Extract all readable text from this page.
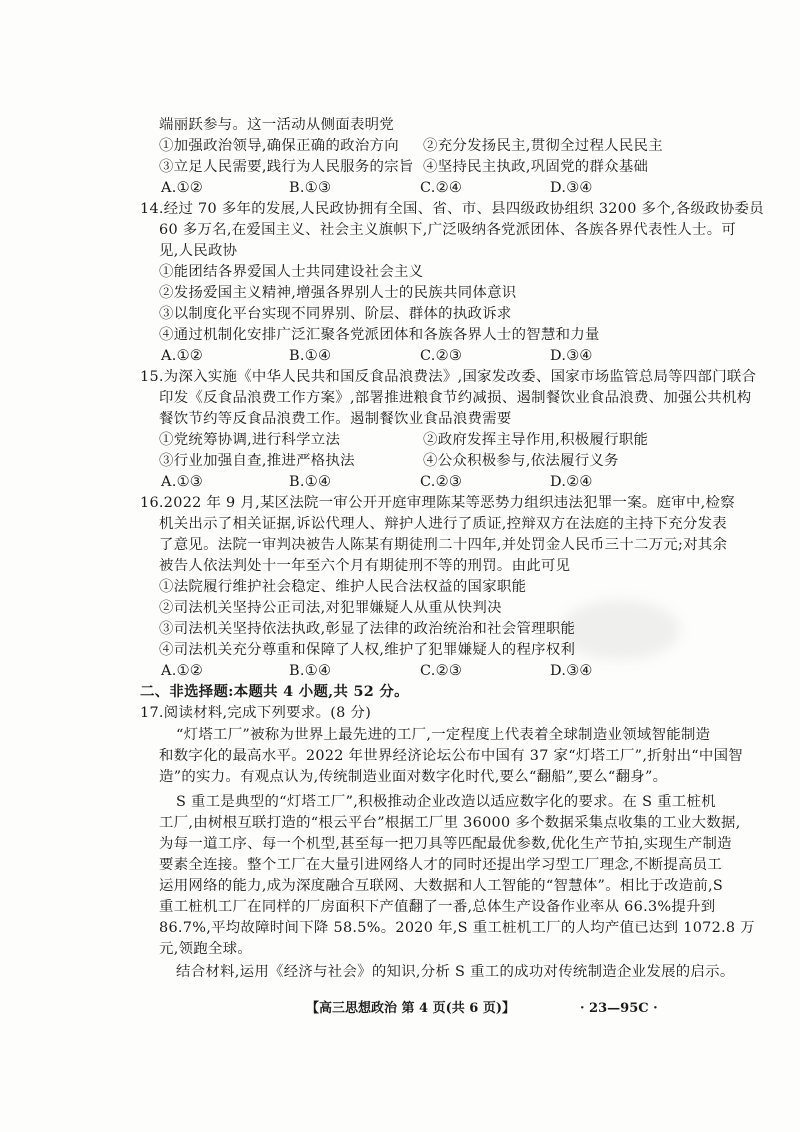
端丽跃参与。这一活动从侧面表明党
①加强政治领导,确保正确的政治方向 ②充分发扬民主,贯彻全过程人民民主
③立足人民需要,践行为人民服务的宗旨 ④坚持民主执政,巩固党的群众基础
A.①②	B.①③	C.②④	D.③④
14.经过 70 多年的发展,人民政协拥有全国、省、市、县四级政协组织 3200 多个,各级政协委员
60 多万名,在爱国主义、社会主义旗帜下,广泛吸纳各党派团体、各族各界代表性人士。可
见,人民政协
①能团结各界爱国人士共同建设社会主义
②发扬爱国主义精神,增强各界别人士的民族共同体意识
③以制度化平台实现不同界别、阶层、群体的执政诉求
④通过机制化安排广泛汇聚各党派团体和各族各界人士的智慧和力量
A.①②	B.①④	C.②③	D.③④
15.为深入实施《中华人民共和国反食品浪费法》,国家发改委、国家市场监管总局等四部门联合
印发《反食品浪费工作方案》,部署推进粮食节约减损、遏制餐饮业食品浪费、加强公共机构
餐饮节约等反食品浪费工作。遏制餐饮业食品浪费需要
①党统筹协调,进行科学立法	②政府发挥主导作用,积极履行职能
③行业加强自查,推进严格执法	④公众积极参与,依法履行义务
A.①③	B.①④	C.②③	D.②④
16.2022 年 9 月,某区法院一审公开开庭审理陈某等恶势力组织违法犯罪一案。庭审中,检察
机关出示了相关证据,诉讼代理人、辩护人进行了质证,控辩双方在法庭的主持下充分发表
了意见。法院一审判决被告人陈某有期徒刑二十四年,并处罚金人民币三十二万元;对其余
被告人依法判处十一年至六个月有期徒刑不等的刑罚。由此可见
①法院履行维护社会稳定、维护人民合法权益的国家职能
②司法机关坚持公正司法,对犯罪嫌疑人从重从快判决
③司法机关坚持依法执政,彰显了法律的政治统治和社会管理职能
④司法机关充分尊重和保障了人权,维护了犯罪嫌疑人的程序权利
A.①②	B.①④	C.②③	D.③④
二、非选择题:本题共 4 小题,共 52 分。
17.阅读材料,完成下列要求。(8 分)
“灯塔工厂”被称为世界上最先进的工厂,一定程度上代表着全球制造业领域智能制造
和数字化的最高水平。2022 年世界经济论坛公布中国有 37 家“灯塔工厂”,折射出“中国智
造”的实力。有观点认为,传统制造业面对数字化时代,要么“翻船”,要么“翻身”。
S 重工是典型的“灯塔工厂”,积极推动企业改造以适应数字化的要求。在 S 重工桩机
工厂,由树根互联打造的“根云平台”根据工厂里 36000 多个数据采集点收集的工业大数据,
为每一道工序、每一个机型,甚至每一把刀具等匹配最优参数,优化生产节拍,实现生产制造
要素全连接。整个工厂在大量引进网络人才的同时还提出学习型工厂理念,不断提高员工
运用网络的能力,成为深度融合互联网、大数据和人工智能的“智慧体”。相比于改造前,S
重工桩机工厂在同样的厂房面积下产值翻了一番,总体生产设备作业率从 66.3%提升到
86.7%,平均故障时间下降 58.5%。2020 年,S 重工桩机工厂的人均产值已达到 1072.8 万
元,领跑全球。
结合材料,运用《经济与社会》的知识,分析 S 重工的成功对传统制造企业发展的启示。
【高三思想政治 第 4 页(共 6 页)】	· 23—95C ·
